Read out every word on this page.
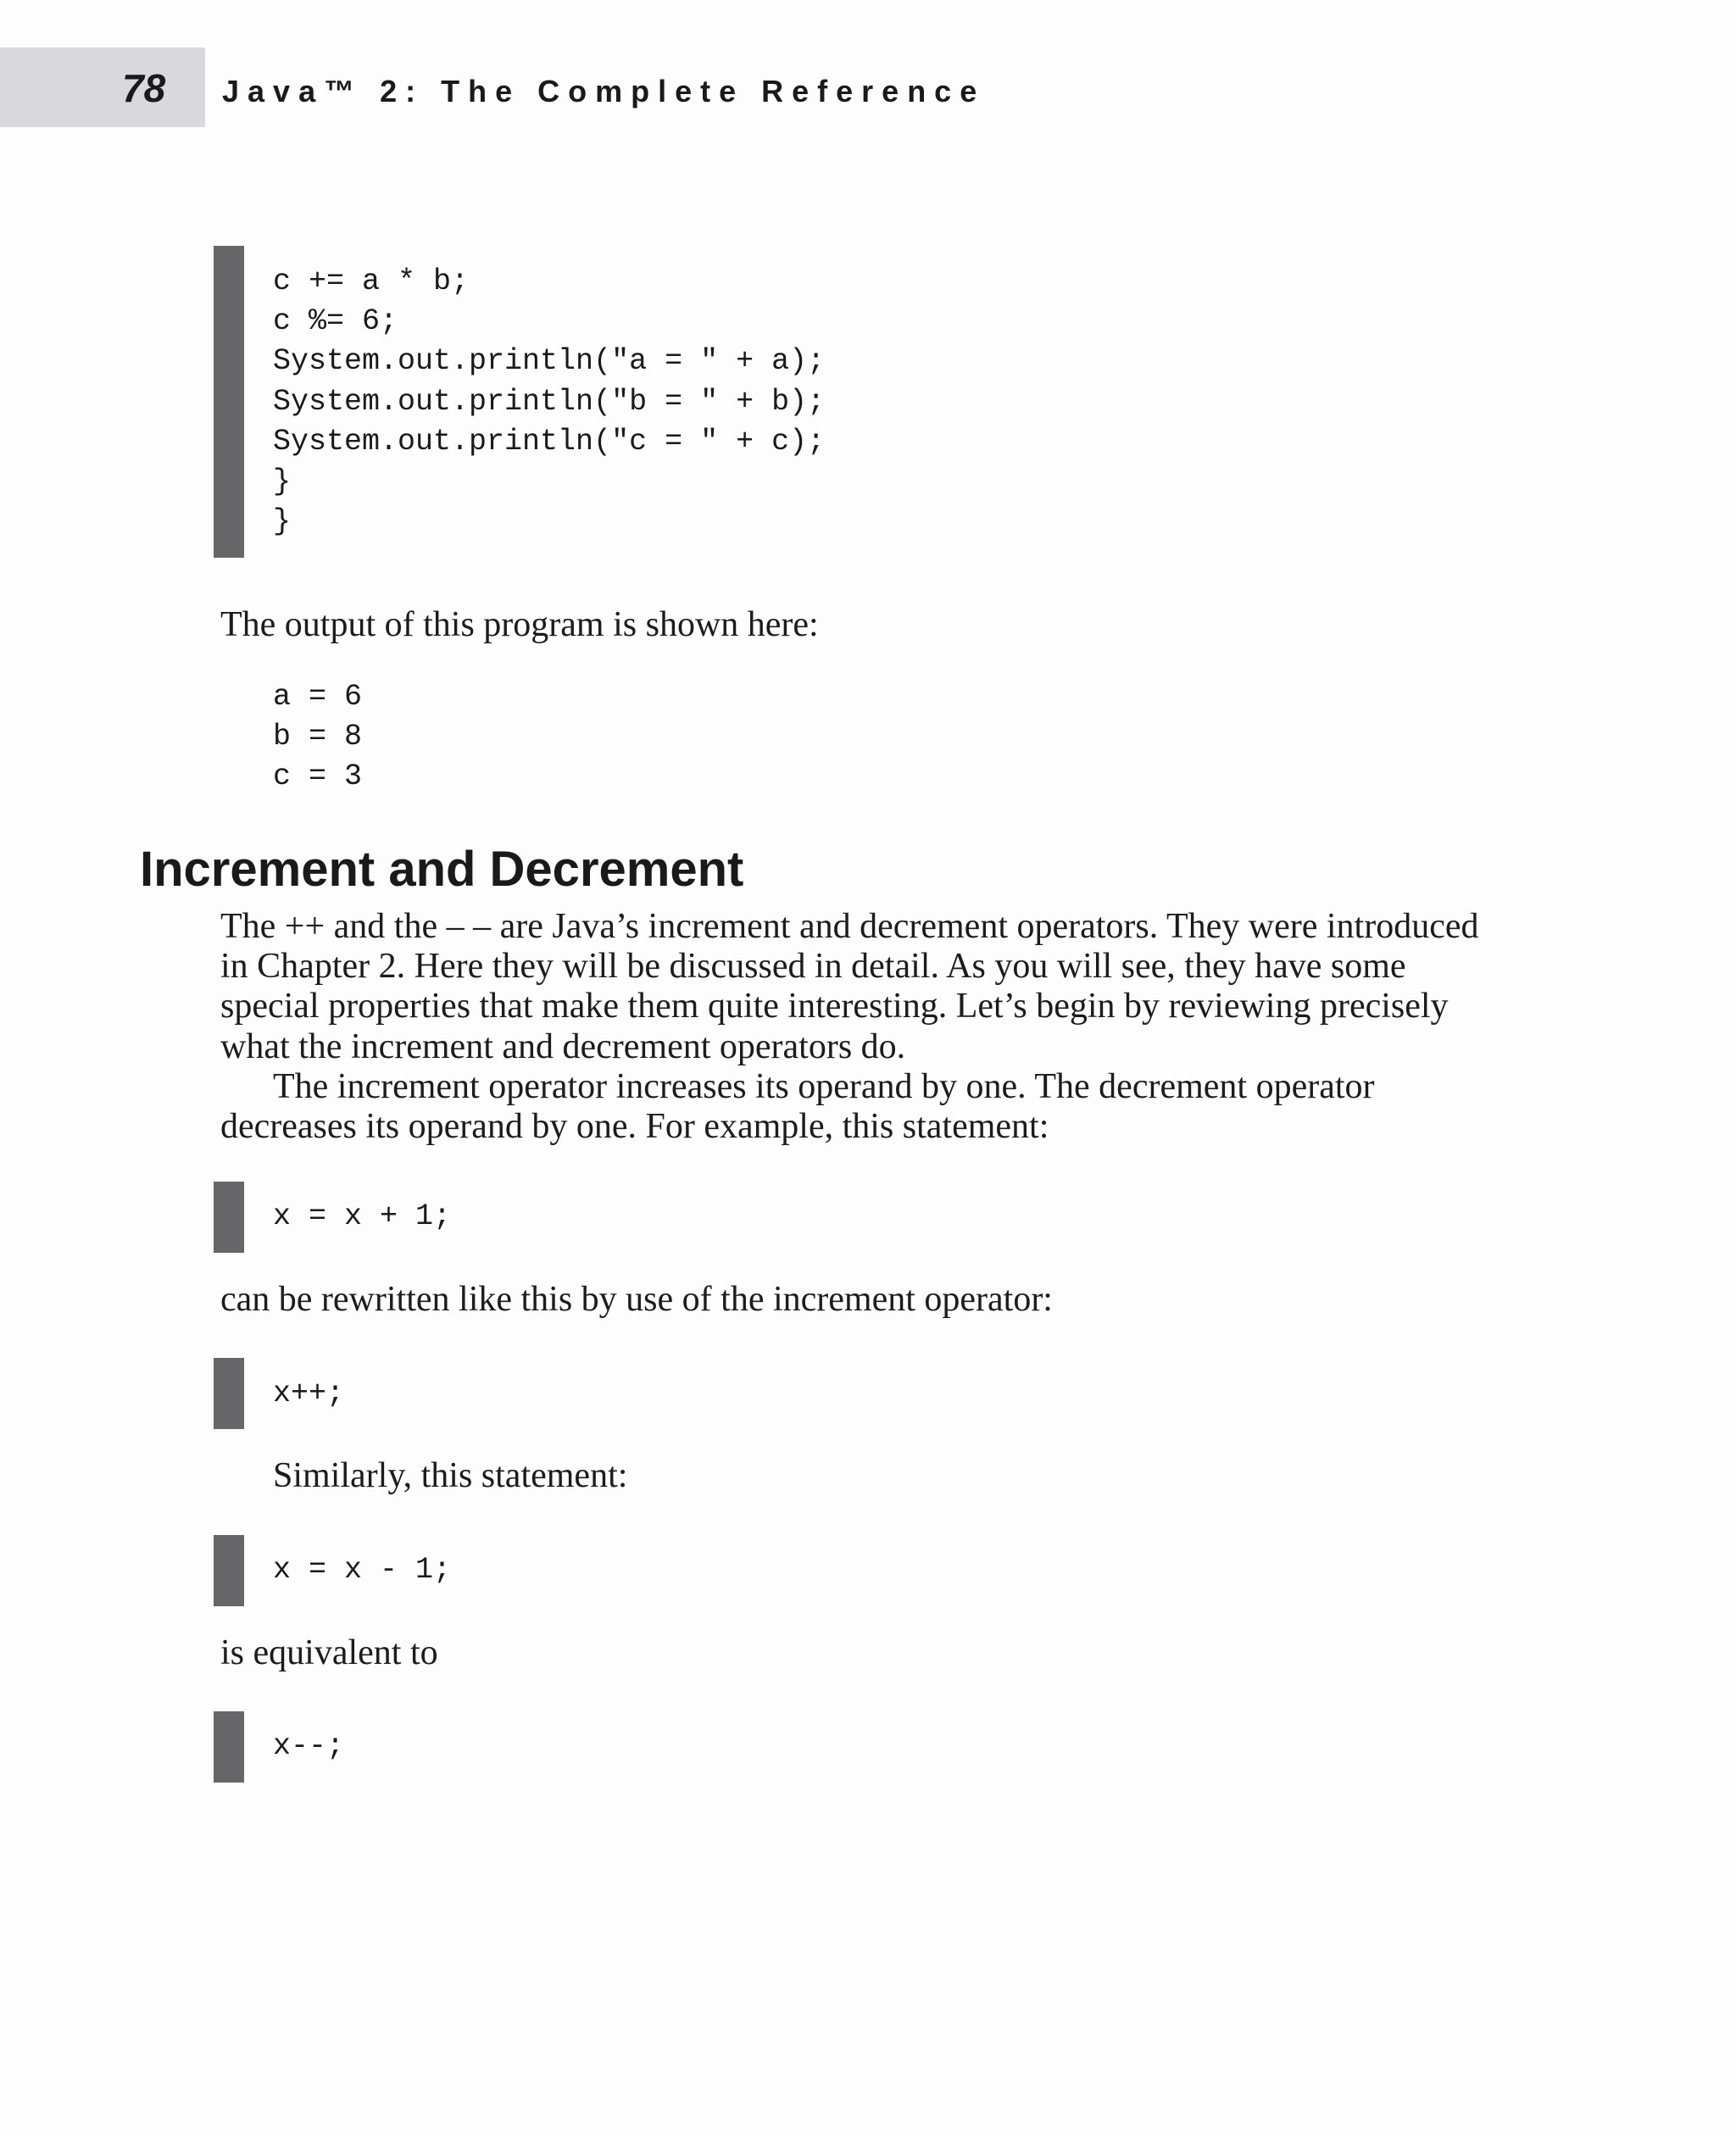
78 Java™ 2: The Complete Reference
c += a * b;
c %= 6;
System.out.println("a = " + a);
System.out.println("b = " + b);
System.out.println("c = " + c);
}
}

The output of this program is shown here:

a = 6
b = 8
c = 3
Increment and Decrement
The ++ and the – – are Java’s increment and decrement operators. They were introduced
in Chapter 2. Here they will be discussed in detail. As you will see, they have some
special properties that make them quite interesting. Let’s begin by reviewing precisely
what the increment and decrement operators do.
The increment operator increases its operand by one. The decrement operator
decreases its operand by one. For example, this statement:
x = x + 1;

can be rewritten like this by use of the increment operator:

x++;

Similarly, this statement:

x = x - 1;

is equivalent to

x--;
